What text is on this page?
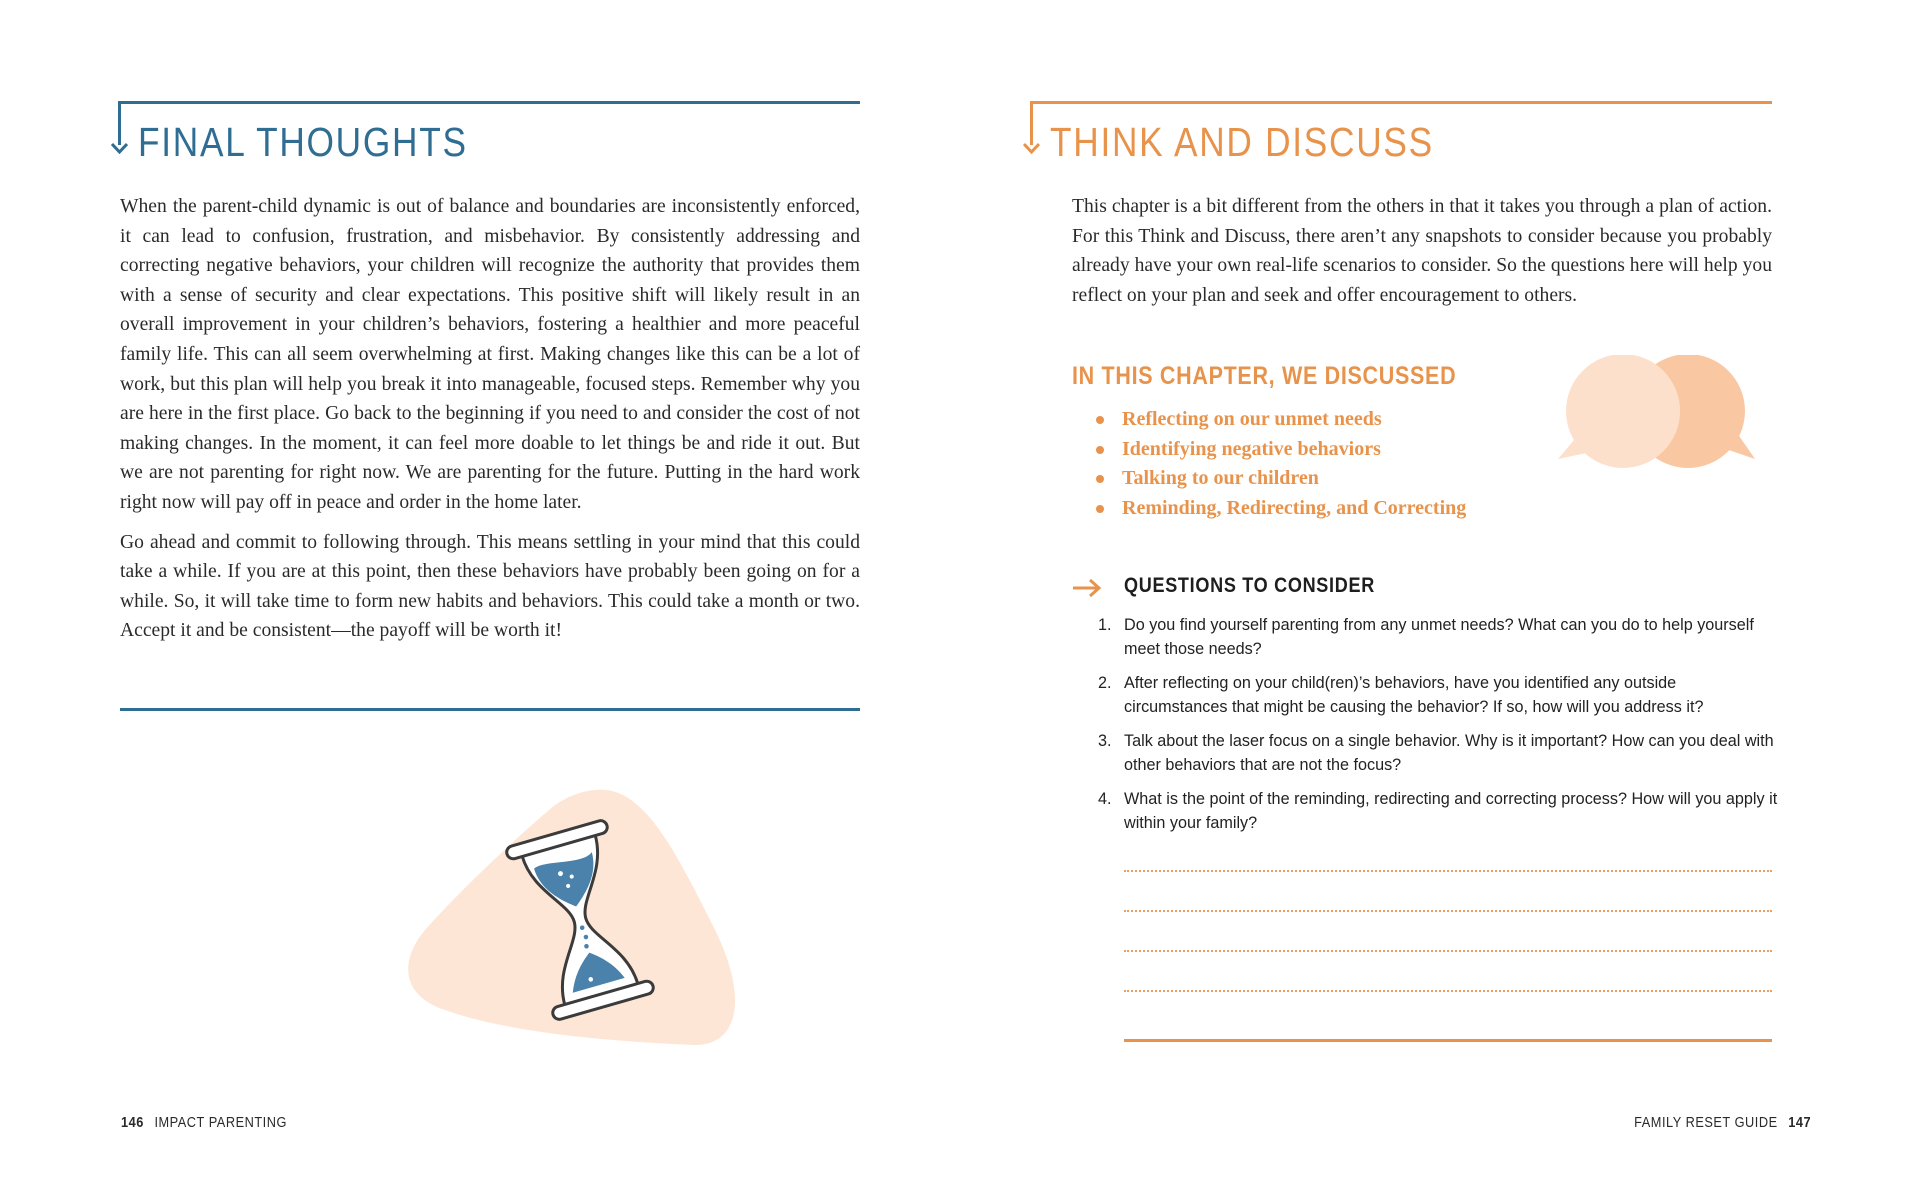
FINAL THOUGHTS

When the parent-child dynamic is out of balance and boundaries are inconsistently enforced, it can lead to confusion, frustration, and misbehavior. By consistently addressing and correcting negative behaviors, your children will recognize the authority that provides them with a sense of security and clear expectations. This positive shift will likely result in an overall improvement in your children’s behaviors, fostering a healthier and more peaceful family life. This can all seem overwhelming at first. Making changes like this can be a lot of work, but this plan will help you break it into manageable, focused steps. Remember why you are here in the first place. Go back to the beginning if you need to and consider the cost of not making changes. In the moment, it can feel more doable to let things be and ride it out. But we are not parenting for right now. We are parenting for the future. Putting in the hard work right now will pay off in peace and order in the home later.

Go ahead and commit to following through. This means settling in your mind that this could take a while. If you are at this point, then these behaviors have probably been going on for a while. So, it will take time to form new habits and behaviors. This could take a month or two. Accept it and be consistent—the payoff will be worth it!

146 IMPACT PARENTING
THINK AND DISCUSS

This chapter is a bit different from the others in that it takes you through a plan of action. For this Think and Discuss, there aren’t any snapshots to consider because you probably already have your own real-life scenarios to consider. So the questions here will help you reflect on your plan and seek and offer encouragement to others.

IN THIS CHAPTER, WE DISCUSSED
Reflecting on our unmet needs
Identifying negative behaviors
Talking to our children
Reminding, Redirecting, and Correcting
QUESTIONS TO CONSIDER
1. Do you find yourself parenting from any unmet needs? What can you do to help yourself meet those needs?
2. After reflecting on your child(ren)’s behaviors, have you identified any outside circumstances that might be causing the behavior? If so, how will you address it?
3. Talk about the laser focus on a single behavior. Why is it important? How can you deal with other behaviors that are not the focus?
4. What is the point of the reminding, redirecting and correcting process? How will you apply it within your family?
FAMILY RESET GUIDE 147
